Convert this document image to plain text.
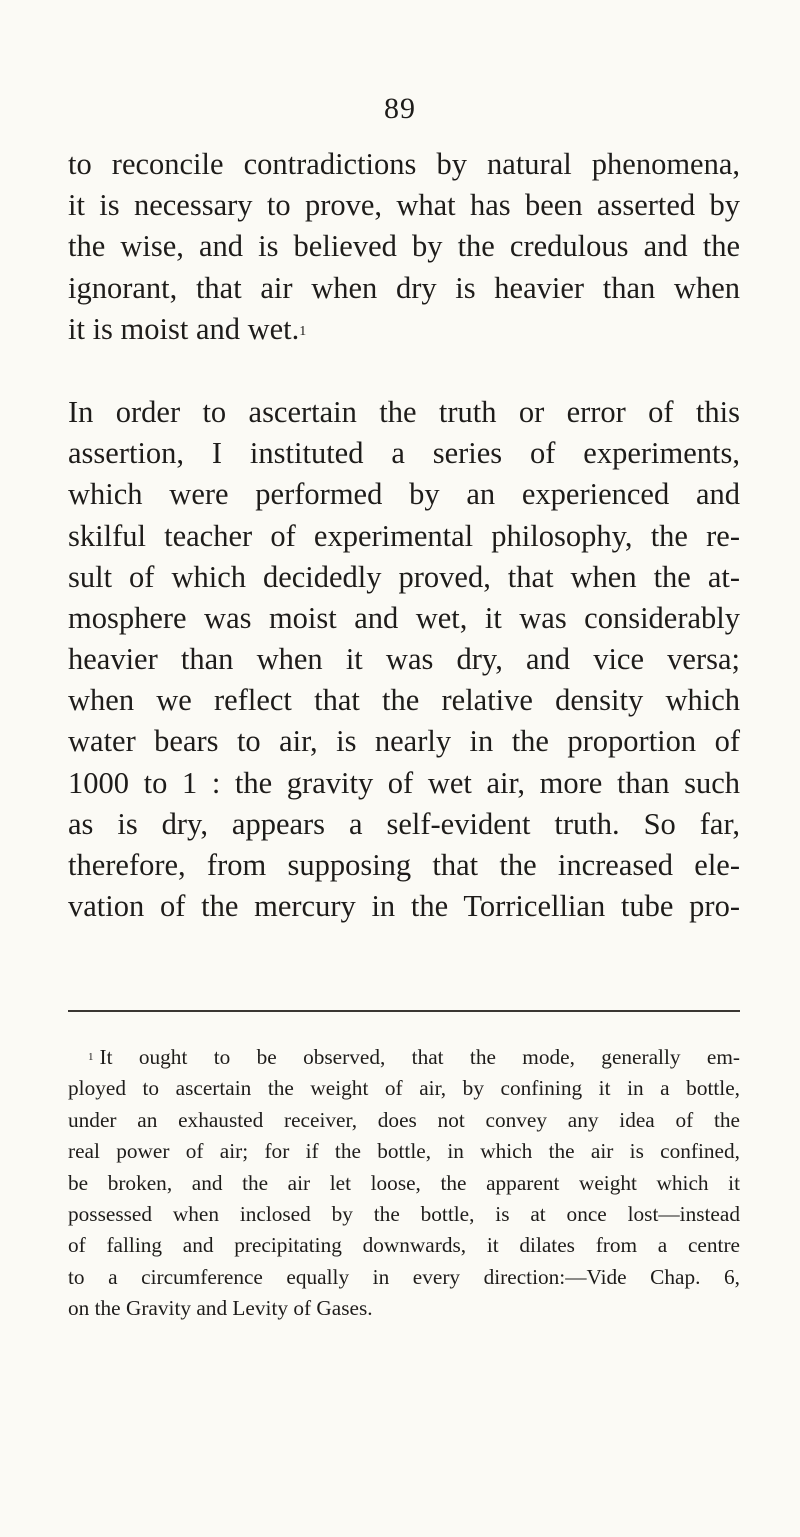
89
to reconcile contradictions by natural phenomena,
it is necessary to prove, what has been asserted by
the wise, and is believed by the credulous and the
ignorant, that air when dry is heavier than when
it is moist and wet.$^1$
In order to ascertain the truth or error of this
assertion, I instituted a series of experiments,
which were performed by an experienced and
skilful teacher of experimental philosophy, the re-
sult of which decidedly proved, that when the at-
mosphere was moist and wet, it was considerably
heavier than when it was dry, and vice versa;
when we reflect that the relative density which
water bears to air, is nearly in the proportion of
1000 to 1 : the gravity of wet air, more than such
as is dry, appears a self-evident truth. So far,
therefore, from supposing that the increased ele-
vation of the mercury in the Torricellian tube pro-
$^1$ It ought to be observed, that the mode, generally em-
ployed to ascertain the weight of air, by confining it in a bottle,
under an exhausted receiver, does not convey any idea of the
real power of air; for if the bottle, in which the air is confined,
be broken, and the air let loose, the apparent weight which it
possessed when inclosed by the bottle, is at once lost—instead
of falling and precipitating downwards, it dilates from a centre
to a circumference equally in every direction:—Vide Chap. 6,
on the Gravity and Levity of Gases.
